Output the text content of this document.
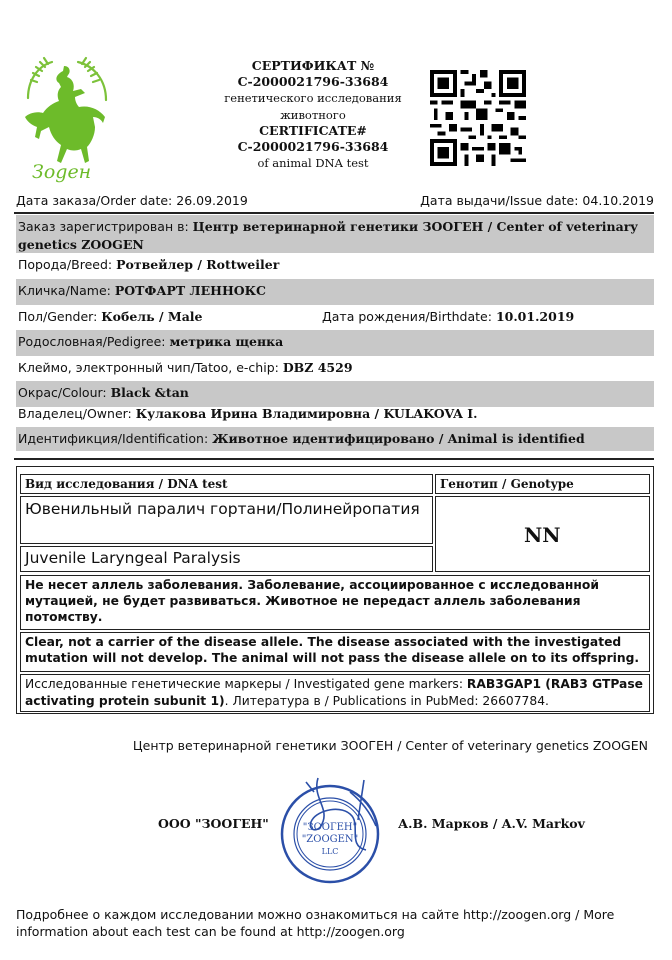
Зоgен
СЕРТИФИКАТ №
С-2000021796-33684
генетического исследования
животного
CERTIFICATE#
C-2000021796-33684
of animal DNA test
Дата заказа/Order date: 26.09.2019	Дата выдачи/Issue date: 04.10.2019
Заказ зарегистрирован в: Центр ветеринарной генетики ЗООГЕН / Center of veterinary genetics ZOOGEN
Порода/Breed: Ротвейлер / Rottweiler
Кличка/Name: РОТФАРТ ЛЕННОКС
Пол/Gender: Кобель / Male	Дата рождения/Birthdate: 10.01.2019
Родословная/Pedigree: метрика щенка
Клеймо, электронный чип/Tatoo, e-chip: DBZ 4529
Окрас/Colour: Black &tan
Владелец/Owner: Кулакова Ирина Владимировна / KULAKOVA I.
Идентификция/Identification: Животное идентифицировано / Animal is identified
Вид исследования / DNA test	Генотип / Genotype
Ювенильный паралич гортани/Полинейропатия
Juvenile Laryngeal Paralysis
NN
Не несет аллель заболевания. Заболевание, ассоциированное с исследованной мутацией, не будет развиваться. Животное не передаст аллель заболевания потомству.
Clear, not a carrier of the disease allele. The disease associated with the investigated mutation will not develop. The animal will not pass the disease allele on to its offspring.
Исследованные генетические маркеры / Investigated gene markers: RAB3GAP1 (RAB3 GTPase activating protein subunit 1). Литература в / Publications in PubMed: 26607784.
Центр ветеринарной генетики ЗООГЕН / Center of veterinary genetics ZOOGEN
ООО "ЗООГЕН"	"ЗООГЕН"
"ZOOGEN"
LLC
А.В. Марков / A.V. Markov
Подробнее о каждом исследовании можно ознакомиться на сайте http://zoogen.org / More information about each test can be found at http://zoogen.org
